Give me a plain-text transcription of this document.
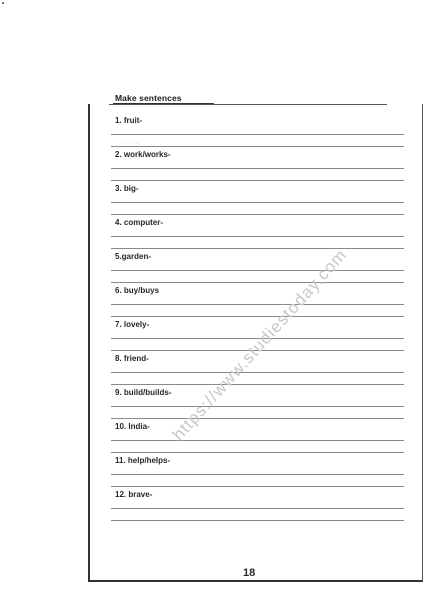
Make sentences
. . .
1. fruit-
2. work/works-
3. big-
4. computer-
5.garden-
6. buy/buys
7. lovely-
8. friend-
9. build/builds-
10. India-
11. help/helps-
12. brave-
https://www.studiestoday.com
18
